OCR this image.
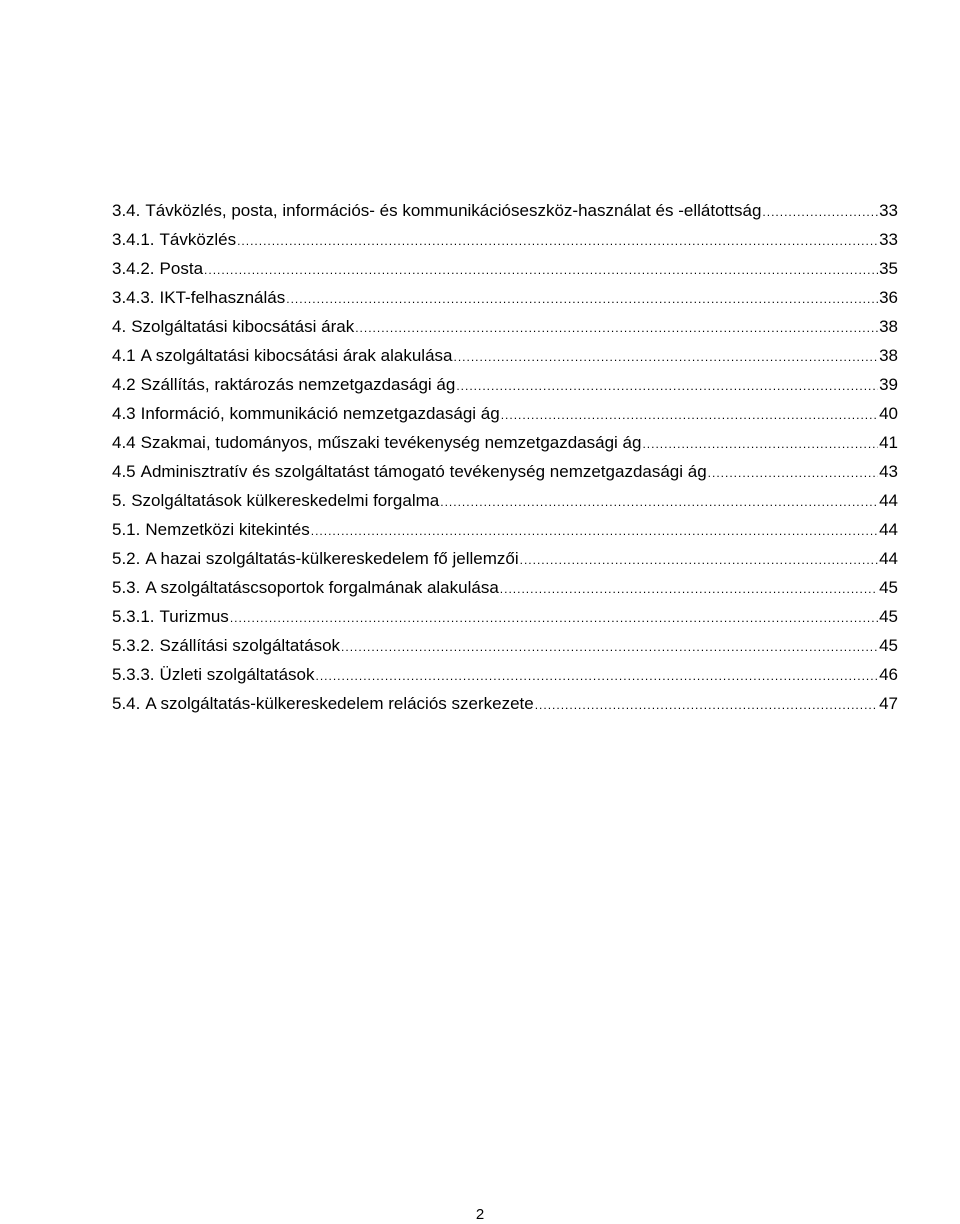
3.4. Távközlés, posta, információs- és kommunikációseszköz-használat és -ellátottság .....	33
3.4.1. Távközlés .....	33
3.4.2. Posta .....	35
3.4.3. IKT-felhasználás .....	36
4. Szolgáltatási kibocsátási árak .....	38
4.1 A szolgáltatási kibocsátási árak alakulása .....	38
4.2 Szállítás, raktározás nemzetgazdasági ág .....	39
4.3 Információ, kommunikáció nemzetgazdasági ág .....	40
4.4 Szakmai, tudományos, műszaki tevékenység nemzetgazdasági ág .....	41
4.5 Adminisztratív és szolgáltatást támogató tevékenység nemzetgazdasági ág .....	43
5. Szolgáltatások külkereskedelmi forgalma .....	44
5.1. Nemzetközi kitekintés .....	44
5.2. A hazai szolgáltatás-külkereskedelem fő jellemzői .....	44
5.3. A szolgáltatáscsoportok forgalmának alakulása .....	45
5.3.1. Turizmus .....	45
5.3.2. Szállítási szolgáltatások .....	45
5.3.3. Üzleti szolgáltatások .....	46
5.4. A szolgáltatás-külkereskedelem relációs szerkezete .....	47
2
